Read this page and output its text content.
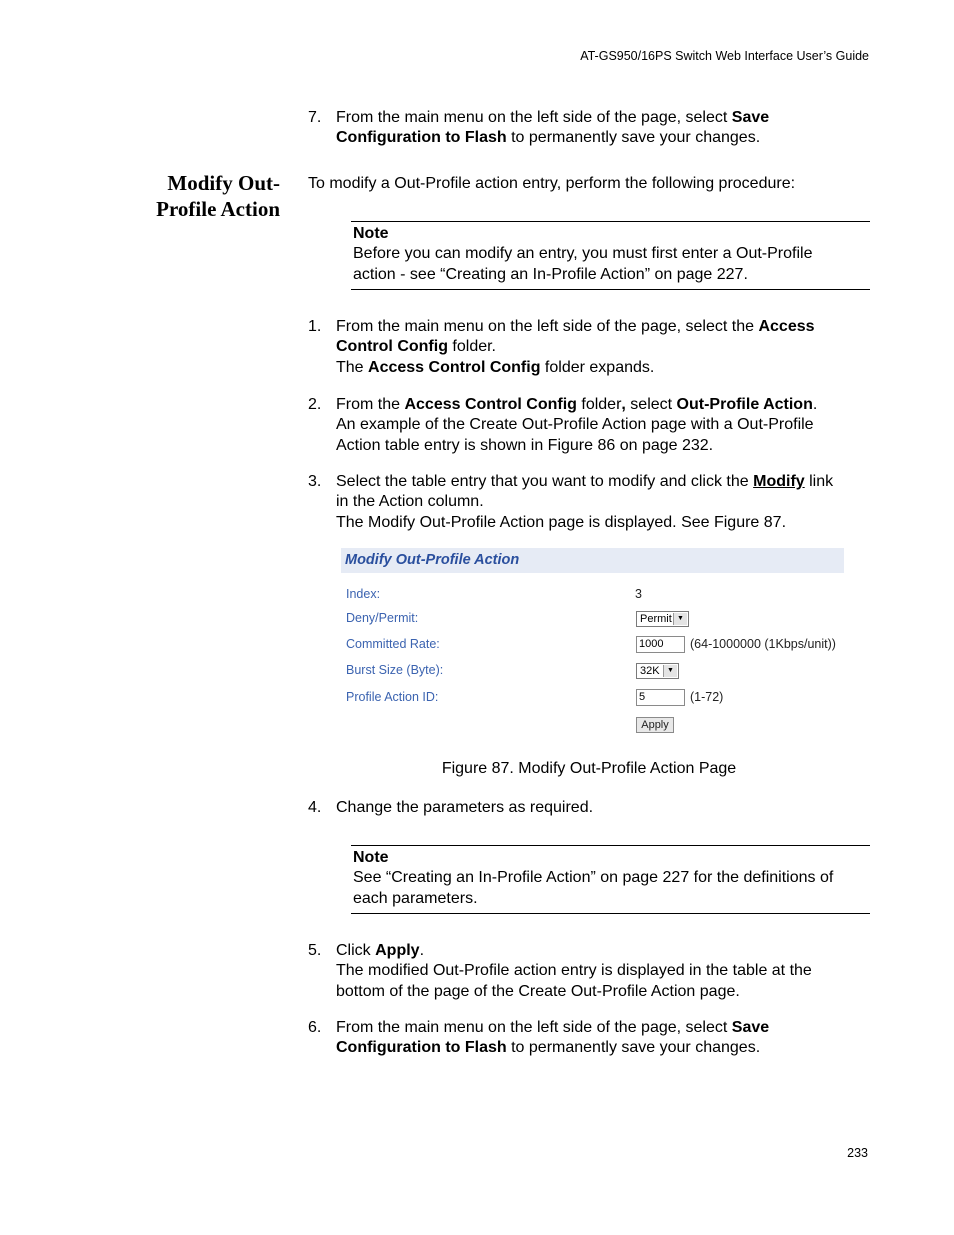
AT-GS950/16PS Switch Web Interface User’s Guide
7. From the main menu on the left side of the page, select Save
Configuration to Flash to permanently save your changes.
Modify Out-
Profile Action
To modify a Out-Profile action entry, perform the following procedure:
Note
Before you can modify an entry, you must first enter a Out-Profile
action - see “Creating an In-Profile Action” on page 227.
1. From the main menu on the left side of the page, select the Access
Control Config folder.
The Access Control Config folder expands.
2. From the Access Control Config folder, select Out-Profile Action.
An example of the Create Out-Profile Action page with a Out-Profile
Action table entry is shown in Figure 86 on page 232.
3. Select the table entry that you want to modify and click the Modify link
in the Action column.
The Modify Out-Profile Action page is displayed. See Figure 87.
Modify Out-Profile Action
Index:	3
Deny/Permit:	Permit ▼
Committed Rate:	1000	(64-1000000 (1Kbps/unit))
Burst Size (Byte):	32K	▼
Profile Action ID:	5	(1-72)
Apply
Figure 87. Modify Out-Profile Action Page
4. Change the parameters as required.
Note
See “Creating an In-Profile Action” on page 227 for the definitions of
each parameters.
5. Click Apply.
The modified Out-Profile action entry is displayed in the table at the
bottom of the page of the Create Out-Profile Action page.
6. From the main menu on the left side of the page, select Save
Configuration to Flash to permanently save your changes.
233
